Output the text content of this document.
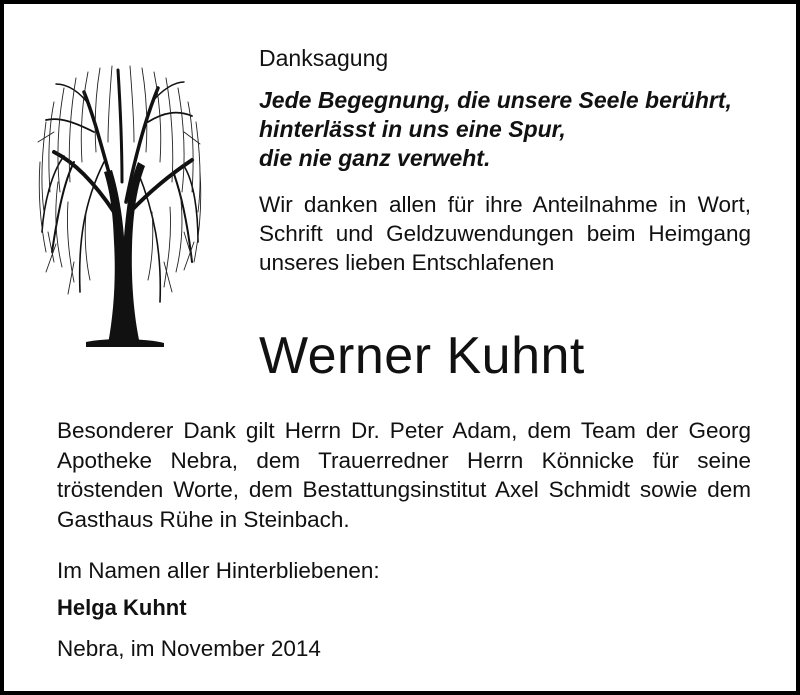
Danksagung
Jede Begegnung, die unsere Seele berührt,
hinterlässt in uns eine Spur,
die nie ganz verweht.
Wir danken allen für ihre Anteilnahme in Wort, Schrift und Geldzuwendungen beim Heimgang unseres lieben Entschlafenen
Werner Kuhnt
Besonderer Dank gilt Herrn Dr. Peter Adam, dem Team der Georg Apotheke Nebra, dem Trauerredner Herrn Könnicke für seine tröstenden Worte, dem Bestattungsinstitut Axel Schmidt sowie dem Gasthaus Rühe in Steinbach.
Im Namen aller Hinterbliebenen:
Helga Kuhnt
Nebra, im November 2014
